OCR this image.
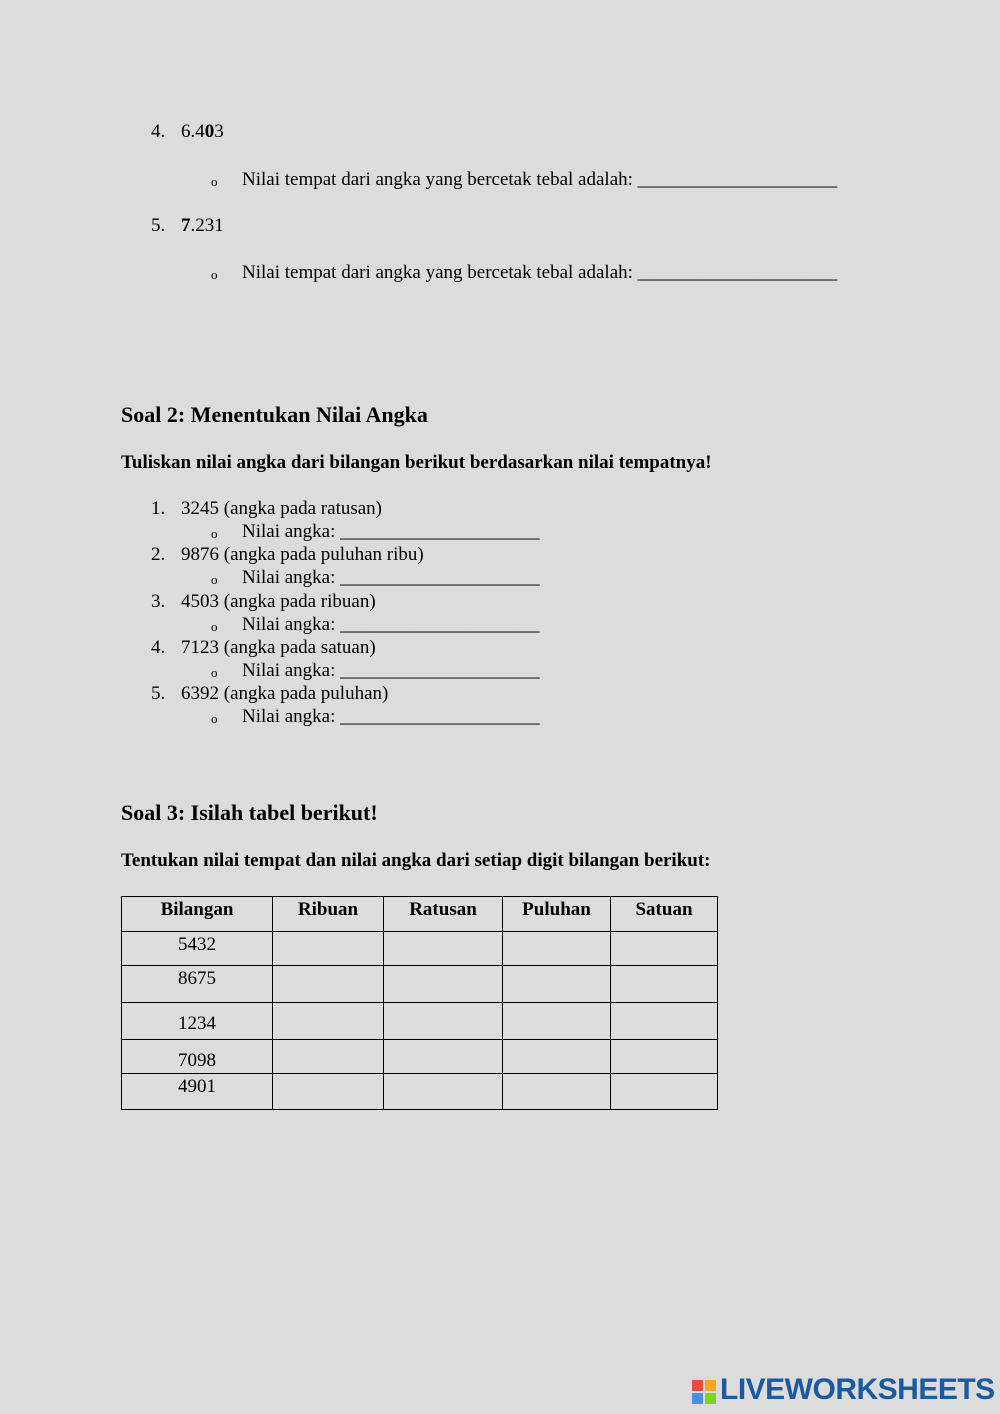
4. 6.403
o Nilai tempat dari angka yang bercetak tebal adalah: _____________________
5. 7.231
o Nilai tempat dari angka yang bercetak tebal adalah: _____________________
Soal 2: Menentukan Nilai Angka
Tuliskan nilai angka dari bilangan berikut berdasarkan nilai tempatnya!
1. 3245 (angka pada ratusan)
o Nilai angka: _____________________
2. 9876 (angka pada puluhan ribu)
o Nilai angka: _____________________
3. 4503 (angka pada ribuan)
o Nilai angka: _____________________
4. 7123 (angka pada satuan)
o Nilai angka: _____________________
5. 6392 (angka pada puluhan)
o Nilai angka: _____________________
Soal 3: Isilah tabel berikut!
Tentukan nilai tempat dan nilai angka dari setiap digit bilangan berikut:
Bilangan	Ribuan	Ratusan	Puluhan	Satuan
5432				
8675				
1234				
7098				
4901				
LIVEWORKSHEETS
